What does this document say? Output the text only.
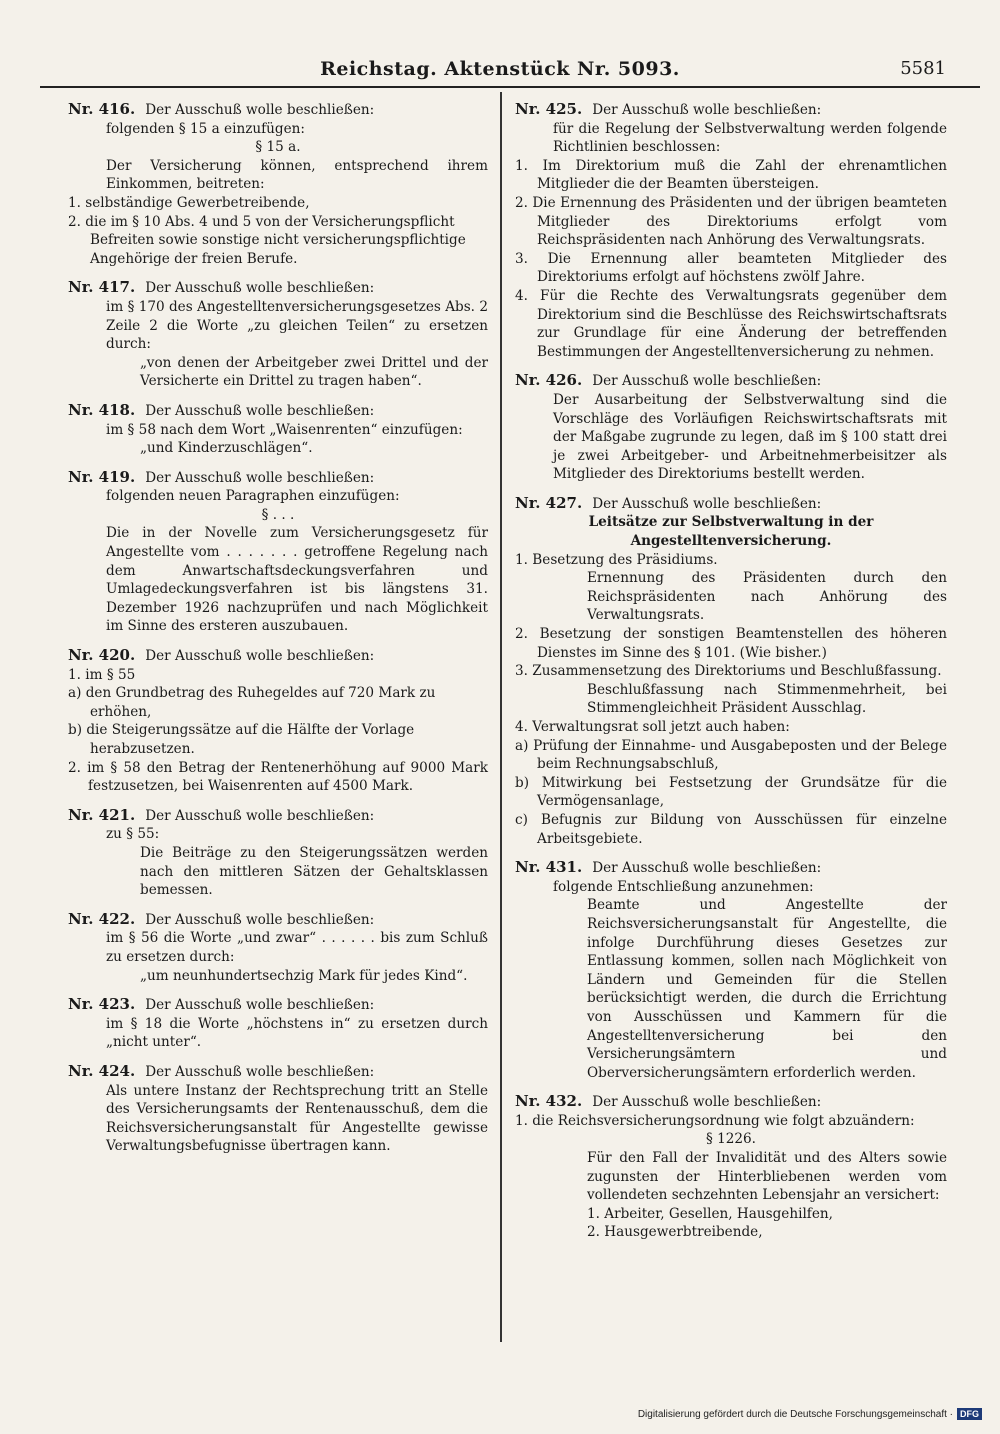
Reichstag. Aktenstück Nr. 5093.	5581

Nr. 416. Der Ausschuß wolle beschließen:

folgenden § 15 a einzufügen:

§ 15 a.

Der Versicherung können, entsprechend ihrem Einkommen, beitreten:

1. selbständige Gewerbetreibende,

2. die im § 10 Abs. 4 und 5 von der Versicherungspflicht Befreiten sowie sonstige nicht versicherungspflichtige Angehörige der freien Berufe.

Nr. 417. Der Ausschuß wolle beschließen:

im § 170 des Angestelltenversicherungsgesetzes Abs. 2 Zeile 2 die Worte „zu gleichen Teilen“ zu ersetzen durch:

„von denen der Arbeitgeber zwei Drittel und der Versicherte ein Drittel zu tragen haben“.

Nr. 418. Der Ausschuß wolle beschließen:

im § 58 nach dem Wort „Waisenrenten“ einzufügen:

„und Kinderzuschlägen“.

Nr. 419. Der Ausschuß wolle beschließen:

folgenden neuen Paragraphen einzufügen:

§ . . .

Die in der Novelle zum Versicherungsgesetz für Angestellte vom . . . . . . . getroffene Regelung nach dem Anwartschaftsdeckungsverfahren und Umlagedeckungsverfahren ist bis längstens 31. Dezember 1926 nachzuprüfen und nach Möglichkeit im Sinne des ersteren auszubauen.

Nr. 420. Der Ausschuß wolle beschließen:

1. im § 55

a) den Grundbetrag des Ruhegeldes auf 720 Mark zu erhöhen,

b) die Steigerungssätze auf die Hälfte der Vorlage herabzusetzen.

2. im § 58 den Betrag der Rentenerhöhung auf 9000 Mark festzusetzen, bei Waisenrenten auf 4500 Mark.

Nr. 421. Der Ausschuß wolle beschließen:

zu § 55:

Die Beiträge zu den Steigerungssätzen werden nach den mittleren Sätzen der Gehaltsklassen bemessen.

Nr. 422. Der Ausschuß wolle beschließen:

im § 56 die Worte „und zwar“ . . . . . . bis zum Schluß zu ersetzen durch:

„um neunhundertsechzig Mark für jedes Kind“.

Nr. 423. Der Ausschuß wolle beschließen:

im § 18 die Worte „höchstens in“ zu ersetzen durch „nicht unter“.

Nr. 424. Der Ausschuß wolle beschließen:

Als untere Instanz der Rechtsprechung tritt an Stelle des Versicherungsamts der Rentenausschuß, dem die Reichsversicherungsanstalt für Angestellte gewisse Verwaltungsbefugnisse übertragen kann.

Nr. 425. Der Ausschuß wolle beschließen:

für die Regelung der Selbstverwaltung werden folgende Richtlinien beschlossen:

1. Im Direktorium muß die Zahl der ehrenamtlichen Mitglieder die der Beamten übersteigen.

2. Die Ernennung des Präsidenten und der übrigen beamteten Mitglieder des Direktoriums erfolgt vom Reichspräsidenten nach Anhörung des Verwaltungsrats.

3. Die Ernennung aller beamteten Mitglieder des Direktoriums erfolgt auf höchstens zwölf Jahre.

4. Für die Rechte des Verwaltungsrats gegenüber dem Direktorium sind die Beschlüsse des Reichswirtschaftsrats zur Grundlage für eine Änderung der betreffenden Bestimmungen der Angestelltenversicherung zu nehmen.

Nr. 426. Der Ausschuß wolle beschließen:

Der Ausarbeitung der Selbstverwaltung sind die Vorschläge des Vorläufigen Reichswirtschaftsrats mit der Maßgabe zugrunde zu legen, daß im § 100 statt drei je zwei Arbeitgeber- und Arbeitnehmerbeisitzer als Mitglieder des Direktoriums bestellt werden.

Nr. 427. Der Ausschuß wolle beschließen:

Leitsätze zur Selbstverwaltung in der Angestelltenversicherung.

1. Besetzung des Präsidiums.

Ernennung des Präsidenten durch den Reichspräsidenten nach Anhörung des Verwaltungsrats.

2. Besetzung der sonstigen Beamtenstellen des höheren Dienstes im Sinne des § 101. (Wie bisher.)

3. Zusammensetzung des Direktoriums und Beschlußfassung.

Beschlußfassung nach Stimmenmehrheit, bei Stimmengleichheit Präsident Ausschlag.

4. Verwaltungsrat soll jetzt auch haben:

a) Prüfung der Einnahme- und Ausgabeposten und der Belege beim Rechnungsabschluß,

b) Mitwirkung bei Festsetzung der Grundsätze für die Vermögensanlage,

c) Befugnis zur Bildung von Ausschüssen für einzelne Arbeitsgebiete.

Nr. 431. Der Ausschuß wolle beschließen:

folgende Entschließung anzunehmen:

Beamte und Angestellte der Reichsversicherungsanstalt für Angestellte, die infolge Durchführung dieses Gesetzes zur Entlassung kommen, sollen nach Möglichkeit von Ländern und Gemeinden für die Stellen berücksichtigt werden, die durch die Errichtung von Ausschüssen und Kammern für die Angestelltenversicherung bei den Versicherungsämtern und Oberversicherungsämtern erforderlich werden.

Nr. 432. Der Ausschuß wolle beschließen:

1. die Reichsversicherungsordnung wie folgt abzuändern:

§ 1226.

Für den Fall der Invalidität und des Alters sowie zugunsten der Hinterbliebenen werden vom vollendeten sechzehnten Lebensjahr an versichert:

1. Arbeiter, Gesellen, Hausgehilfen,

2. Hausgewerbtreibende,

Digitalisierung gefördert durch die Deutsche Forschungsgemeinschaft · DFG
